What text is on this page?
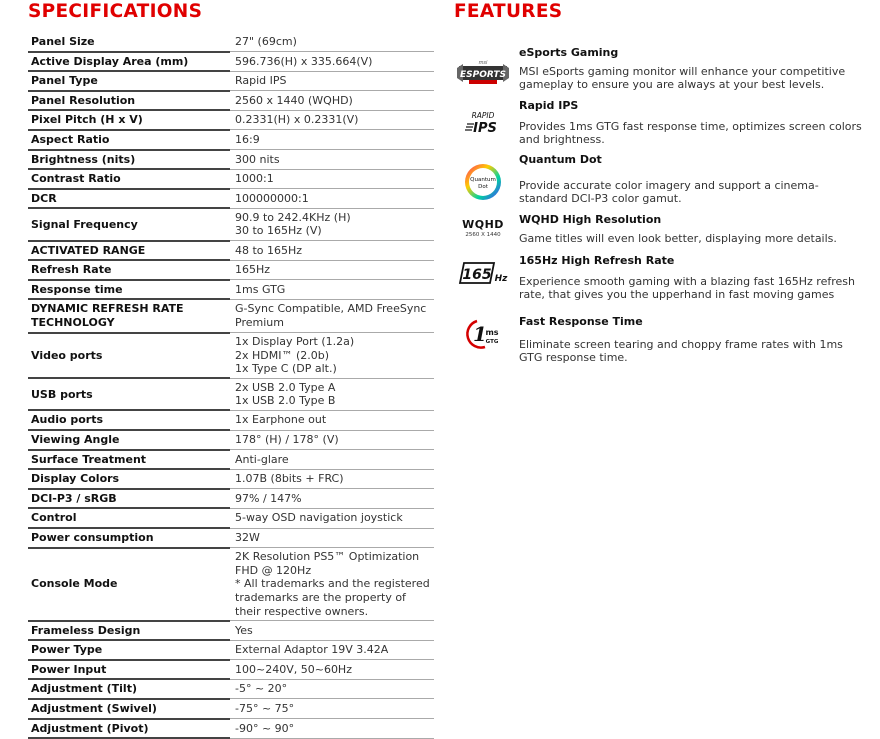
SPECIFICATIONS
Panel Size	27" (69cm)

Active Display Area (mm)	596.736(H) x 335.664(V)

Panel Type	Rapid IPS

Panel Resolution	2560 x 1440 (WQHD)

Pixel Pitch (H x V)	0.2331(H) x 0.2331(V)

Aspect Ratio	16:9

Brightness (nits)	300 nits

Contrast Ratio	1000:1

DCR	100000000:1

Signal Frequency	90.9 to 242.4KHz (H)
30 to 165Hz (V)

ACTIVATED RANGE	48 to 165Hz

Refresh Rate	165Hz

Response time	1ms GTG

DYNAMIC REFRESH RATE TECHNOLOGY	G-Sync Compatible, AMD FreeSync Premium

Video ports	1x Display Port (1.2a)
2x HDMI™ (2.0b)
1x Type C (DP alt.)

USB ports	2x USB 2.0 Type A
1x USB 2.0 Type B

Audio ports	1x Earphone out

Viewing Angle	178° (H) / 178° (V)

Surface Treatment	Anti-glare

Display Colors	1.07B (8bits + FRC)

DCI-P3 / sRGB	97% / 147%

Control	5-way OSD navigation joystick

Power consumption	32W

Console Mode	2K Resolution PS5™ Optimization
FHD @ 120Hz
* All trademarks and the registered trademarks are the property of their respective owners.

Frameless Design	Yes

Power Type	External Adaptor 19V 3.42A

Power Input	100~240V, 50~60Hz

Adjustment (Tilt)	-5° ~ 20°

Adjustment (Swivel)	-75° ~ 75°

Adjustment (Pivot)	-90° ~ 90°
FEATURES
msi
ESPORTS
eSports Gaming
MSI eSports gaming monitor will enhance your competitive gameplay to ensure you are always at your best levels.
RAPID
IPS
Rapid IPS
Provides 1ms GTG fast response time, optimizes screen colors and brightness.
Quantum
Dot
Quantum Dot
Provide accurate color imagery and support a cinema-standard DCI-P3 color gamut.
WQHD
2560 X 1440
WQHD High Resolution
Game titles will even look better, displaying more details.
165 Hz
165Hz High Refresh Rate
Experience smooth gaming with a blazing fast 165Hz refresh rate, that gives you the upperhand in fast moving games
1
ms
GTG
Fast Response Time
Eliminate screen tearing and choppy frame rates with 1ms GTG response time.
